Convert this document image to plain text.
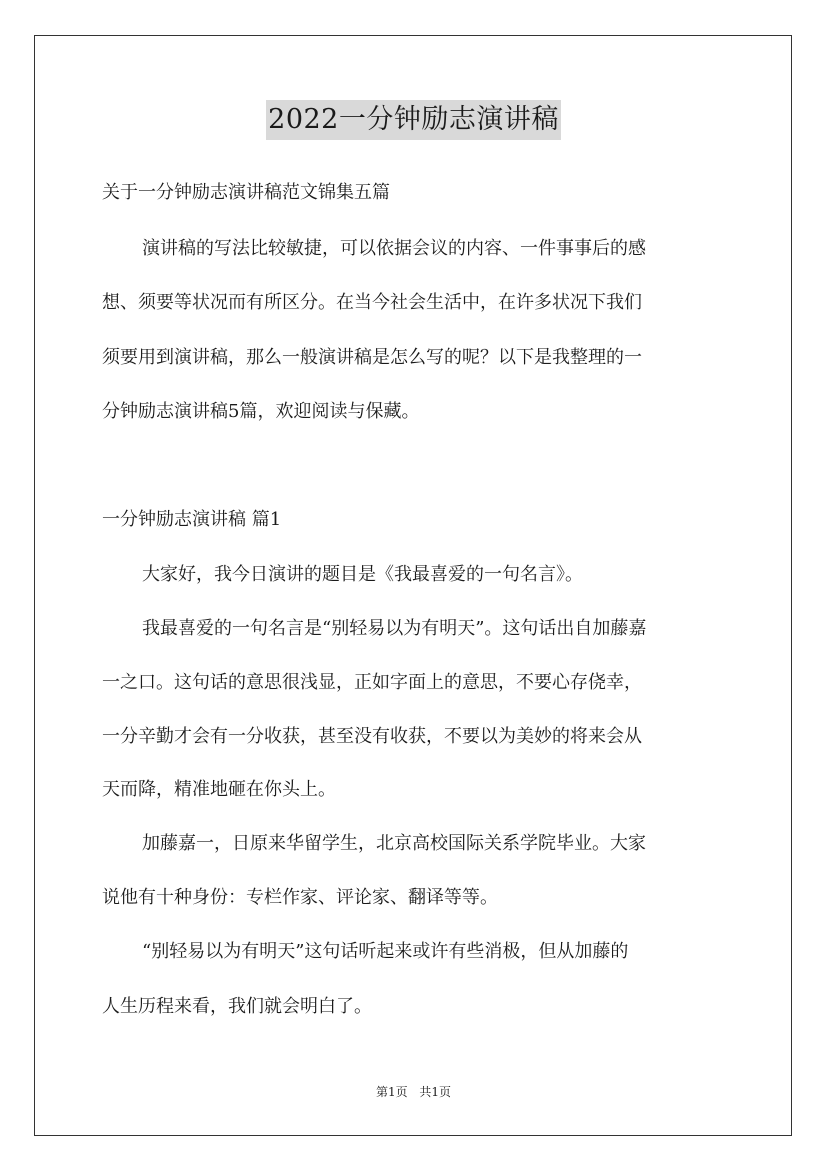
2022一分钟励志演讲稿
关于一分钟励志演讲稿范文锦集五篇
演讲稿的写法比较敏捷，可以依据会议的内容、一件事事后的感
想、须要等状况而有所区分。在当今社会生活中，在许多状况下我们
须要用到演讲稿，那么一般演讲稿是怎么写的呢？以下是我整理的一
分钟励志演讲稿5篇，欢迎阅读与保藏。
一分钟励志演讲稿 篇1
大家好，我今日演讲的题目是《我最喜爱的一句名言》。
我最喜爱的一句名言是“别轻易以为有明天”。这句话出自加藤嘉
一之口。这句话的意思很浅显，正如字面上的意思，不要心存侥幸，
一分辛勤才会有一分收获，甚至没有收获，不要以为美妙的将来会从
天而降，精准地砸在你头上。
加藤嘉一，日原来华留学生，北京高校国际关系学院毕业。大家
说他有十种身份：专栏作家、评论家、翻译等等。
“别轻易以为有明天”这句话听起来或许有些消极，但从加藤的
人生历程来看，我们就会明白了。
第1页 共1页
